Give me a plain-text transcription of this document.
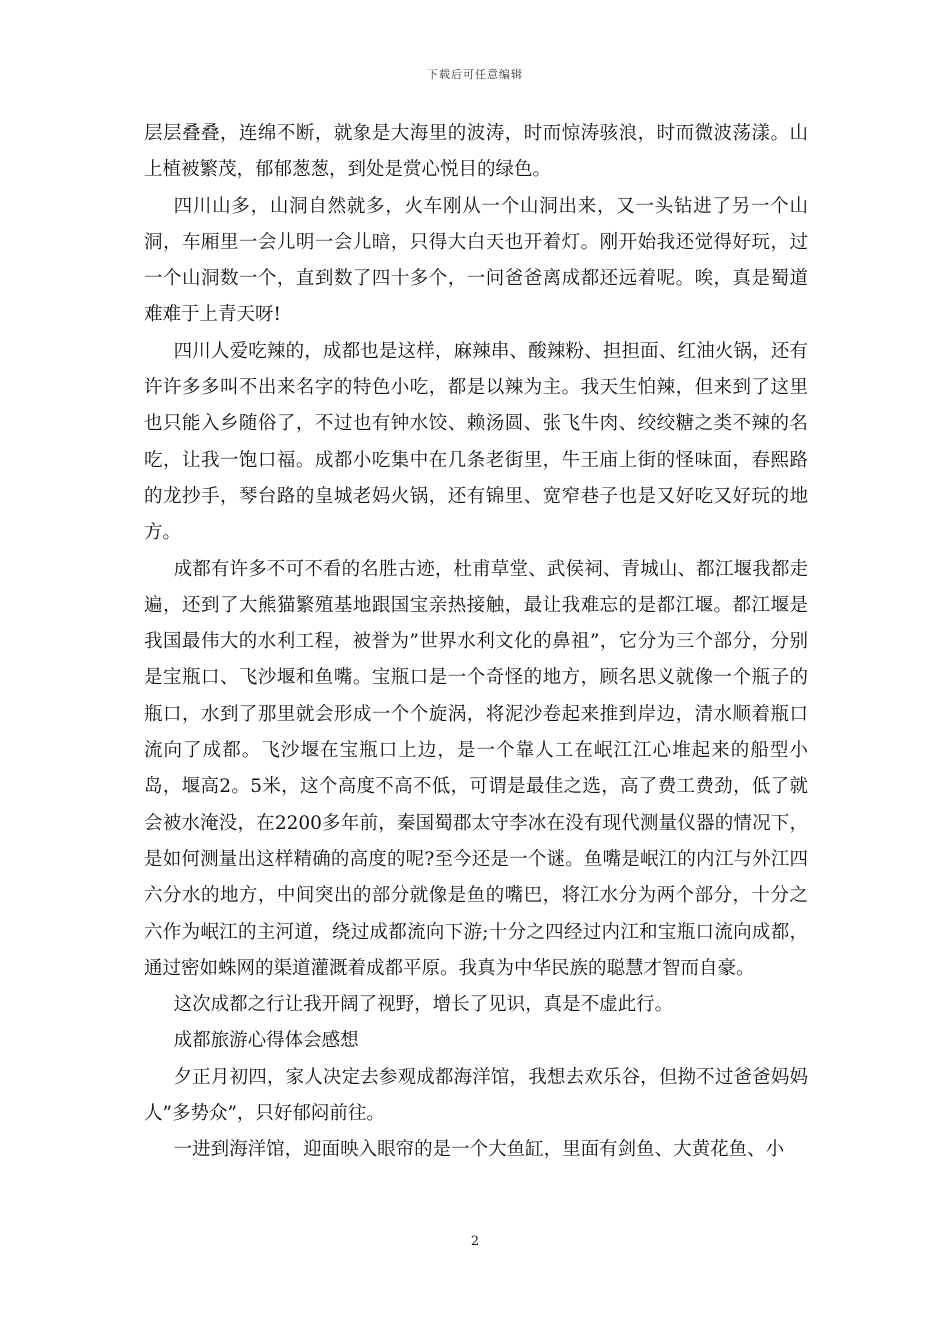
下载后可任意编辑

层层叠叠，连绵不断，就象是大海里的波涛，时而惊涛骇浪，时而微波荡漾。山上植被繁茂，郁郁葱葱，到处是赏心悦目的绿色。

四川山多，山洞自然就多，火车刚从一个山洞出来，又一头钻进了另一个山洞，车厢里一会儿明一会儿暗，只得大白天也开着灯。刚开始我还觉得好玩，过一个山洞数一个，直到数了四十多个，一问爸爸离成都还远着呢。唉，真是蜀道难难于上青天呀!

四川人爱吃辣的，成都也是这样，麻辣串、酸辣粉、担担面、红油火锅，还有许许多多叫不出来名字的特色小吃，都是以辣为主。我天生怕辣，但来到了这里也只能入乡随俗了，不过也有钟水饺、赖汤圆、张飞牛肉、绞绞糖之类不辣的名吃，让我一饱口福。成都小吃集中在几条老街里，牛王庙上街的怪味面，春熙路的龙抄手，琴台路的皇城老妈火锅，还有锦里、宽窄巷子也是又好吃又好玩的地方。

成都有许多不可不看的名胜古迹，杜甫草堂、武侯祠、青城山、都江堰我都走遍，还到了大熊猫繁殖基地跟国宝亲热接触，最让我难忘的是都江堰。都江堰是我国最伟大的水利工程，被誉为”世界水利文化的鼻祖”，它分为三个部分，分别是宝瓶口、飞沙堰和鱼嘴。宝瓶口是一个奇怪的地方，顾名思义就像一个瓶子的瓶口，水到了那里就会形成一个个旋涡，将泥沙卷起来推到岸边，清水顺着瓶口流向了成都。飞沙堰在宝瓶口上边，是一个靠人工在岷江江心堆起来的船型小岛，堰高2。5米，这个高度不高不低，可谓是最佳之选，高了费工费劲，低了就会被水淹没，在2200多年前，秦国蜀郡太守李冰在没有现代测量仪器的情况下，是如何测量出这样精确的高度的呢?至今还是一个谜。鱼嘴是岷江的内江与外江四六分水的地方，中间突出的部分就像是鱼的嘴巴，将江水分为两个部分，十分之六作为岷江的主河道，绕过成都流向下游;十分之四经过内江和宝瓶口流向成都，通过密如蛛网的渠道灌溉着成都平原。我真为中华民族的聪慧才智而自豪。

这次成都之行让我开阔了视野，增长了见识，真是不虚此行。

成都旅游心得体会感想

夕正月初四，家人决定去参观成都海洋馆，我想去欢乐谷，但拗不过爸爸妈妈人”多势众”，只好郁闷前往。

一进到海洋馆，迎面映入眼帘的是一个大鱼缸，里面有剑鱼、大黄花鱼、小

2
